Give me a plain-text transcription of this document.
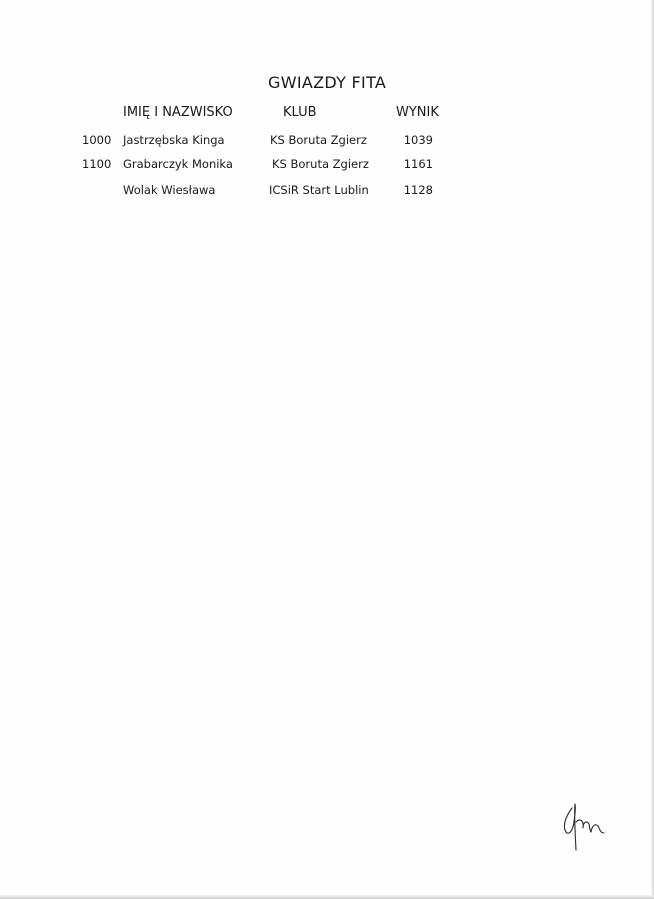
GWIAZDY FITA
IMIĘ I NAZWISKO	KLUB	WYNIK
1000 Jastrzębska Kinga	KS Boruta Zgierz	1039
1100 Grabarczyk Monika	KS Boruta Zgierz	1161
Wolak Wiesława	ICSiR Start Lublin	1128
